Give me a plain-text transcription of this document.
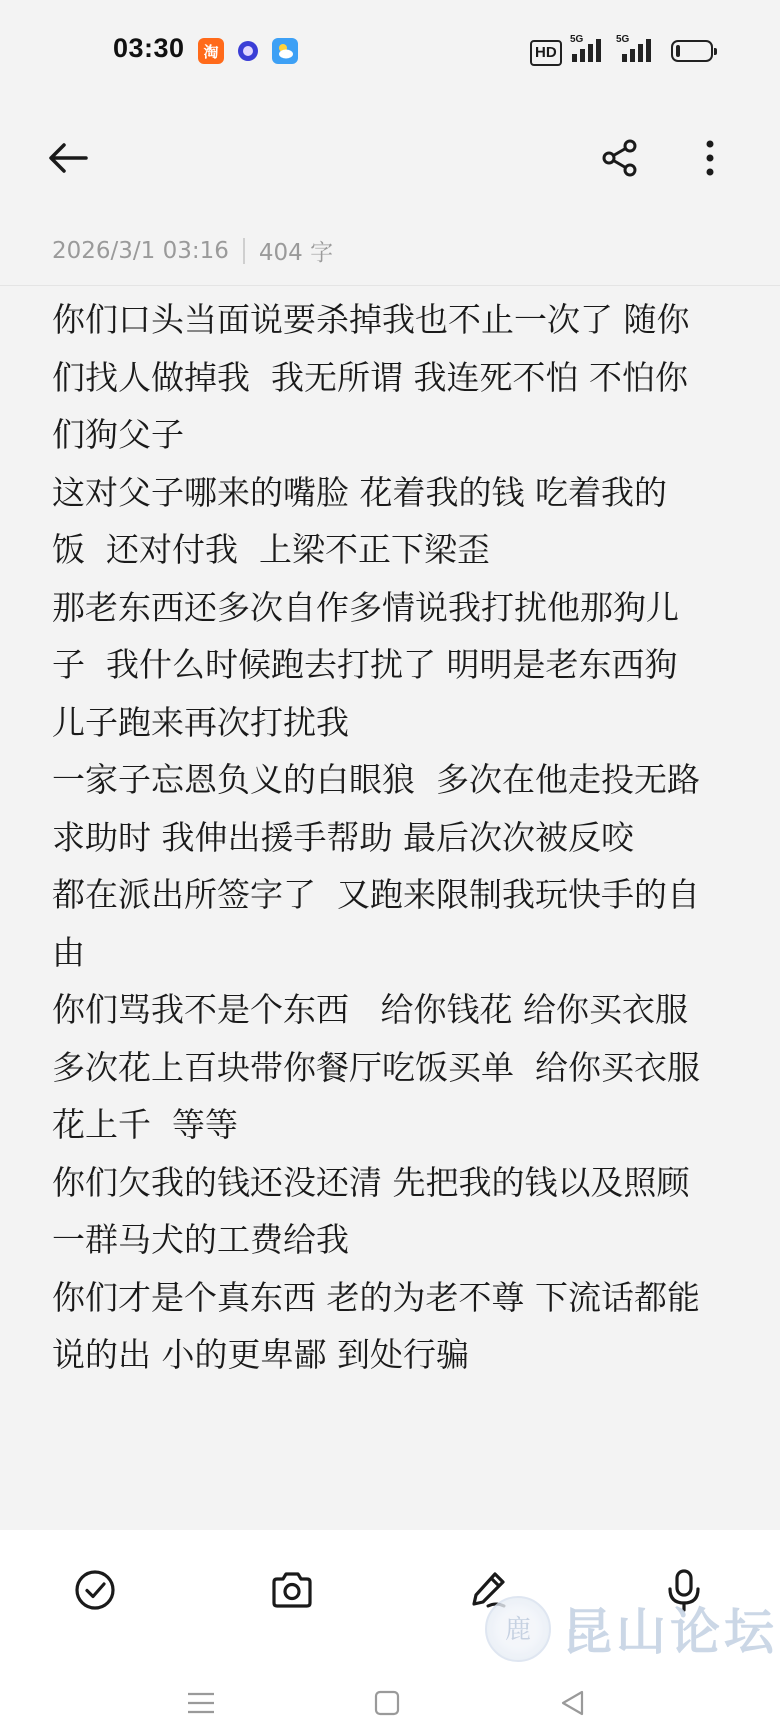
03:30	淘	HD
5G	5G
2026/3/1 03:16 404 字
你们口头当面说要杀掉我也不止一次了 随你
们找人做掉我  我无所谓 我连死不怕 不怕你
们狗父子
这对父子哪来的嘴脸 花着我的钱 吃着我的
饭  还对付我  上梁不正下梁歪
那老东西还多次自作多情说我打扰他那狗儿
子  我什么时候跑去打扰了 明明是老东西狗
儿子跑来再次打扰我
一家子忘恩负义的白眼狼  多次在他走投无路
求助时 我伸出援手帮助 最后次次被反咬
都在派出所签字了  又跑来限制我玩快手的自
由
你们骂我不是个东西   给你钱花 给你买衣服
多次花上百块带你餐厅吃饭买单  给你买衣服
花上千  等等
你们欠我的钱还没还清 先把我的钱以及照顾
一群马犬的工费给我
你们才是个真东西 老的为老不尊 下流话都能
说的出 小的更卑鄙 到处行骗
鹿 昆山论坛
